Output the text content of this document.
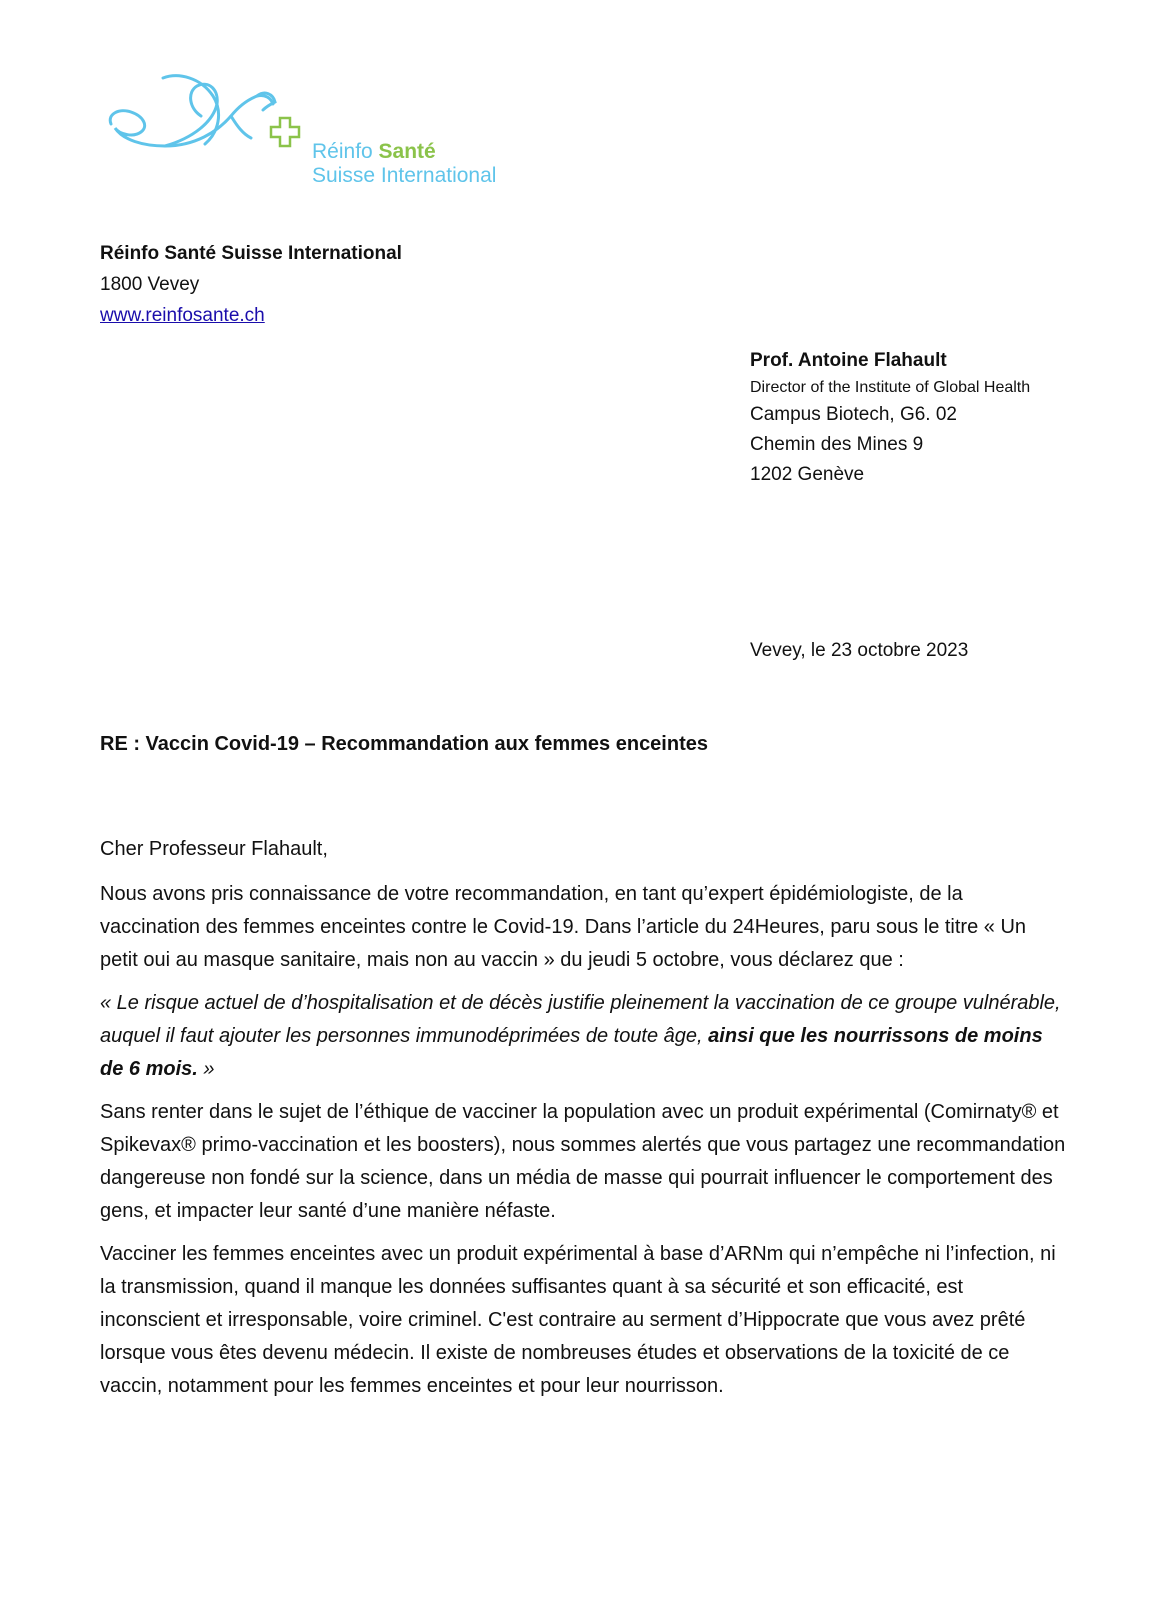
Réinfo Santé
Suisse International
Réinfo Santé Suisse International
1800 Vevey
www.reinfosante.ch
Prof. Antoine Flahault
Director of the Institute of Global Health
Campus Biotech, G6. 02
Chemin des Mines 9
1202 Genève
Vevey, le 23 octobre 2023
RE : Vaccin Covid-19 – Recommandation aux femmes enceintes

Cher Professeur Flahault,

Nous avons pris connaissance de votre recommandation, en tant qu’expert épidémiologiste, de la vaccination des femmes enceintes contre le Covid-19. Dans l’article du 24Heures, paru sous le titre « Un petit oui au masque sanitaire, mais non au vaccin » du jeudi 5 octobre, vous déclarez que :

« Le risque actuel de d’hospitalisation et de décès justifie pleinement la vaccination de ce groupe vulnérable, auquel il faut ajouter les personnes immunodéprimées de toute âge, ainsi que les nourrissons de moins de 6 mois. »

Sans renter dans le sujet de l’éthique de vacciner la population avec un produit expérimental (Comirnaty® et Spikevax® primo-vaccination et les boosters), nous sommes alertés que vous partagez une recommandation dangereuse non fondé sur la science, dans un média de masse qui pourrait influencer le comportement des gens, et impacter leur santé d’une manière néfaste.

Vacciner les femmes enceintes avec un produit expérimental à base d’ARNm qui n’empêche ni l’infection, ni la transmission, quand il manque les données suffisantes quant à sa sécurité et son efficacité, est inconscient et irresponsable, voire criminel. C'est contraire au serment d’Hippocrate que vous avez prêté lorsque vous êtes devenu médecin. Il existe de nombreuses études et observations de la toxicité de ce vaccin, notamment pour les femmes enceintes et pour leur nourrisson.
